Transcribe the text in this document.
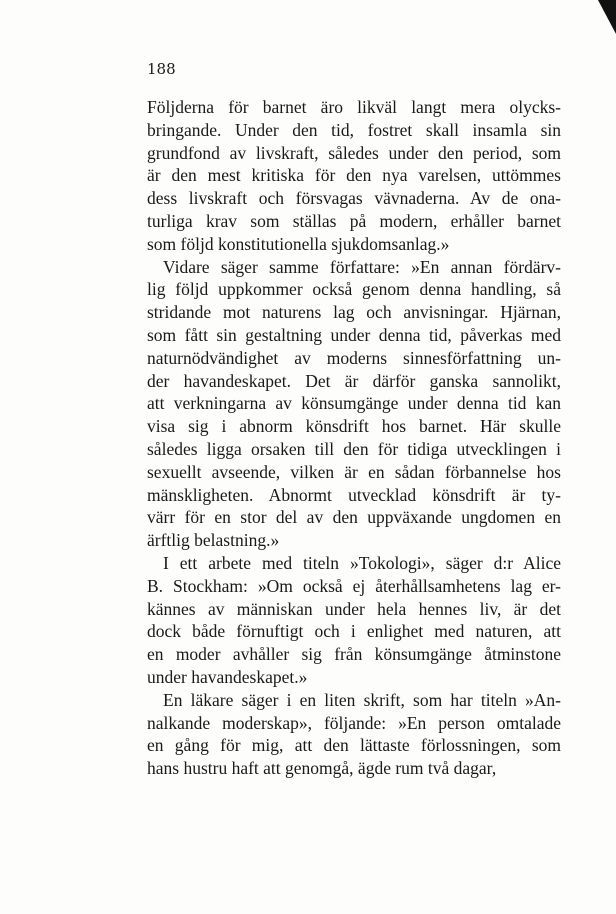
188

Följderna för barnet äro likväl langt mera olycks-
bringande. Under den tid, fostret skall insamla sin
grundfond av livskraft, således under den period, som
är den mest kritiska för den nya varelsen, uttömmes
dess livskraft och försvagas vävnaderna. Av de ona-
turliga krav som ställas på modern, erhåller barnet
som följd konstitutionella sjukdomsanlag.»

Vidare säger samme författare: »En annan fördärv-
lig följd uppkommer också genom denna handling, så
stridande mot naturens lag och anvisningar. Hjärnan,
som fått sin gestaltning under denna tid, påverkas med
naturnödvändighet av moderns sinnesförfattning un-
der havandeskapet. Det är därför ganska sannolikt,
att verkningarna av könsumgänge under denna tid kan
visa sig i abnorm könsdrift hos barnet. Här skulle
således ligga orsaken till den för tidiga utvecklingen i
sexuellt avseende, vilken är en sådan förbannelse hos
mänskligheten. Abnormt utvecklad könsdrift är ty-
värr för en stor del av den uppväxande ungdomen en
ärftlig belastning.»

I ett arbete med titeln »Tokologi», säger d:r Alice
B. Stockham: »Om också ej återhållsamhetens lag er-
kännes av människan under hela hennes liv, är det
dock både förnuftigt och i enlighet med naturen, att
en moder avhåller sig från könsumgänge åtminstone
under havandeskapet.»

En läkare säger i en liten skrift, som har titeln »An-
nalkande moderskap», följande: »En person omtalade
en gång för mig, att den lättaste förlossningen, som
hans hustru haft att genomgå, ägde rum två dagar,
